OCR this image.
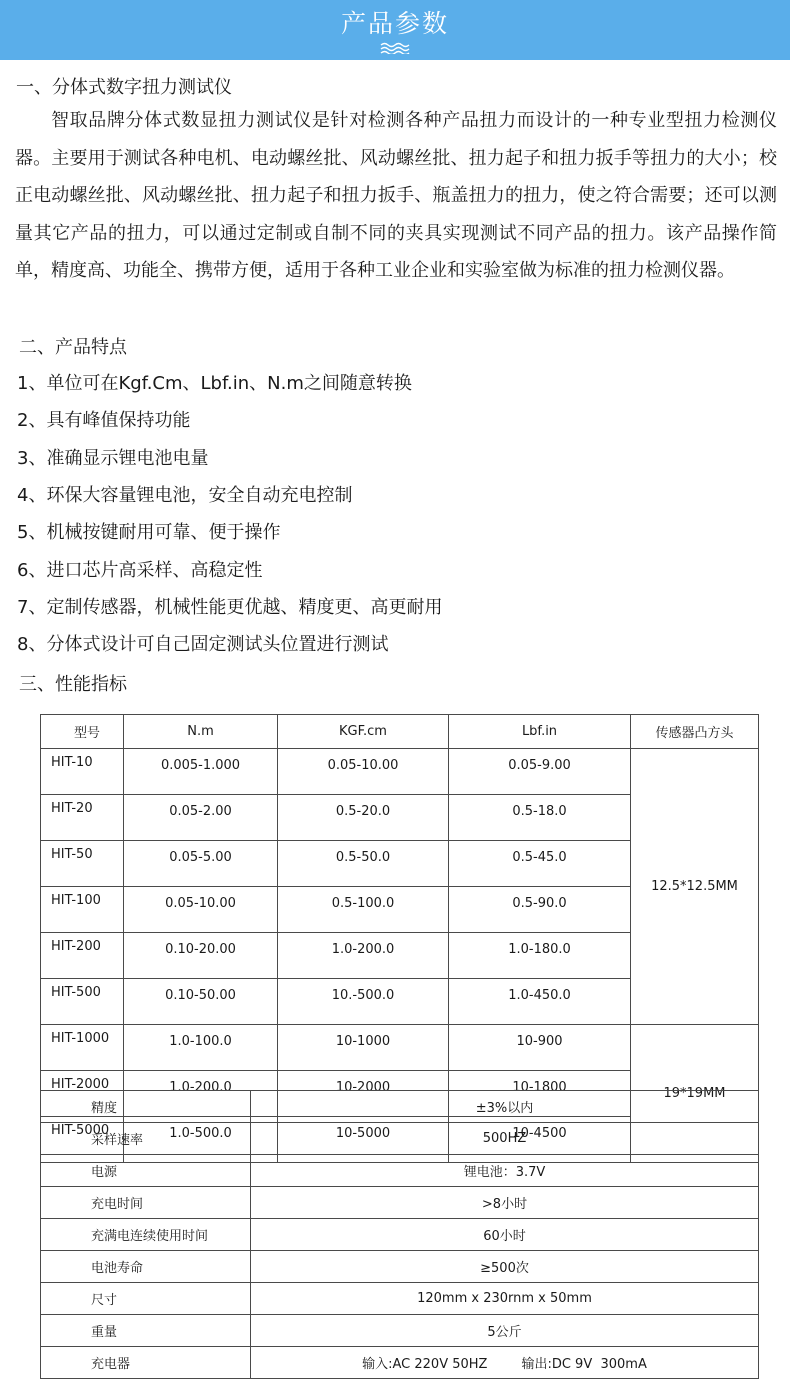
产品参数
一、分体式数字扭力测试仪

智取品牌分体式数显扭力测试仪是针对检测各种产品扭力而设计的一种专业型扭力检测仪器。主要用于测试各种电机、电动螺丝批、风动螺丝批、扭力起子和扭力扳手等扭力的大小；校正电动螺丝批、风动螺丝批、扭力起子和扭力扳手、瓶盖扭力的扭力，使之符合需要；还可以测量其它产品的扭力，可以通过定制或自制不同的夹具实现测试不同产品的扭力。该产品操作简单，精度高、功能全、携带方便，适用于各种工业企业和实验室做为标准的扭力检测仪器。

二、产品特点
1、单位可在Kgf.Cm、Lbf.in、N.m之间随意转换
2、具有峰值保持功能
3、准确显示锂电池电量
4、环保大容量锂电池，安全自动充电控制
5、机械按键耐用可靠、便于操作
6、进口芯片高采样、高稳定性
7、定制传感器，机械性能更优越、精度更、高更耐用
8、分体式设计可自己固定测试头位置进行测试
三、性能指标
型号	N.m	KGF.cm	Lbf.in	传感器凸方头
HIT-10	0.005-1.000	0.05-10.00	0.05-9.00	12.5*12.5MM
HIT-20	0.05-2.00	0.5-20.0	0.5-18.0	
HIT-50	0.05-5.00	0.5-50.0	0.5-45.0	
HIT-100	0.05-10.00	0.5-100.0	0.5-90.0	
HIT-200	0.10-20.00	1.0-200.0	1.0-180.0	
HIT-500	0.10-50.00	10.-500.0	1.0-450.0	
HIT-1000	1.0-100.0	10-1000	10-900	19*19MM
HIT-2000	1.0-200.0	10-2000	10-1800	
HIT-5000	1.0-500.0	10-5000	10-4500	
精度	±3%以内
采样速率	500HZ
电源	锂电池：3.7V
充电时间	>8小时
充满电连续使用时间	60小时
电池寿命	≥500次
尺寸	120mm x 230rnm x 50mm
重量	5公斤
充电器	输入:AC 220V 50HZ 输出:DC 9V  300mA
